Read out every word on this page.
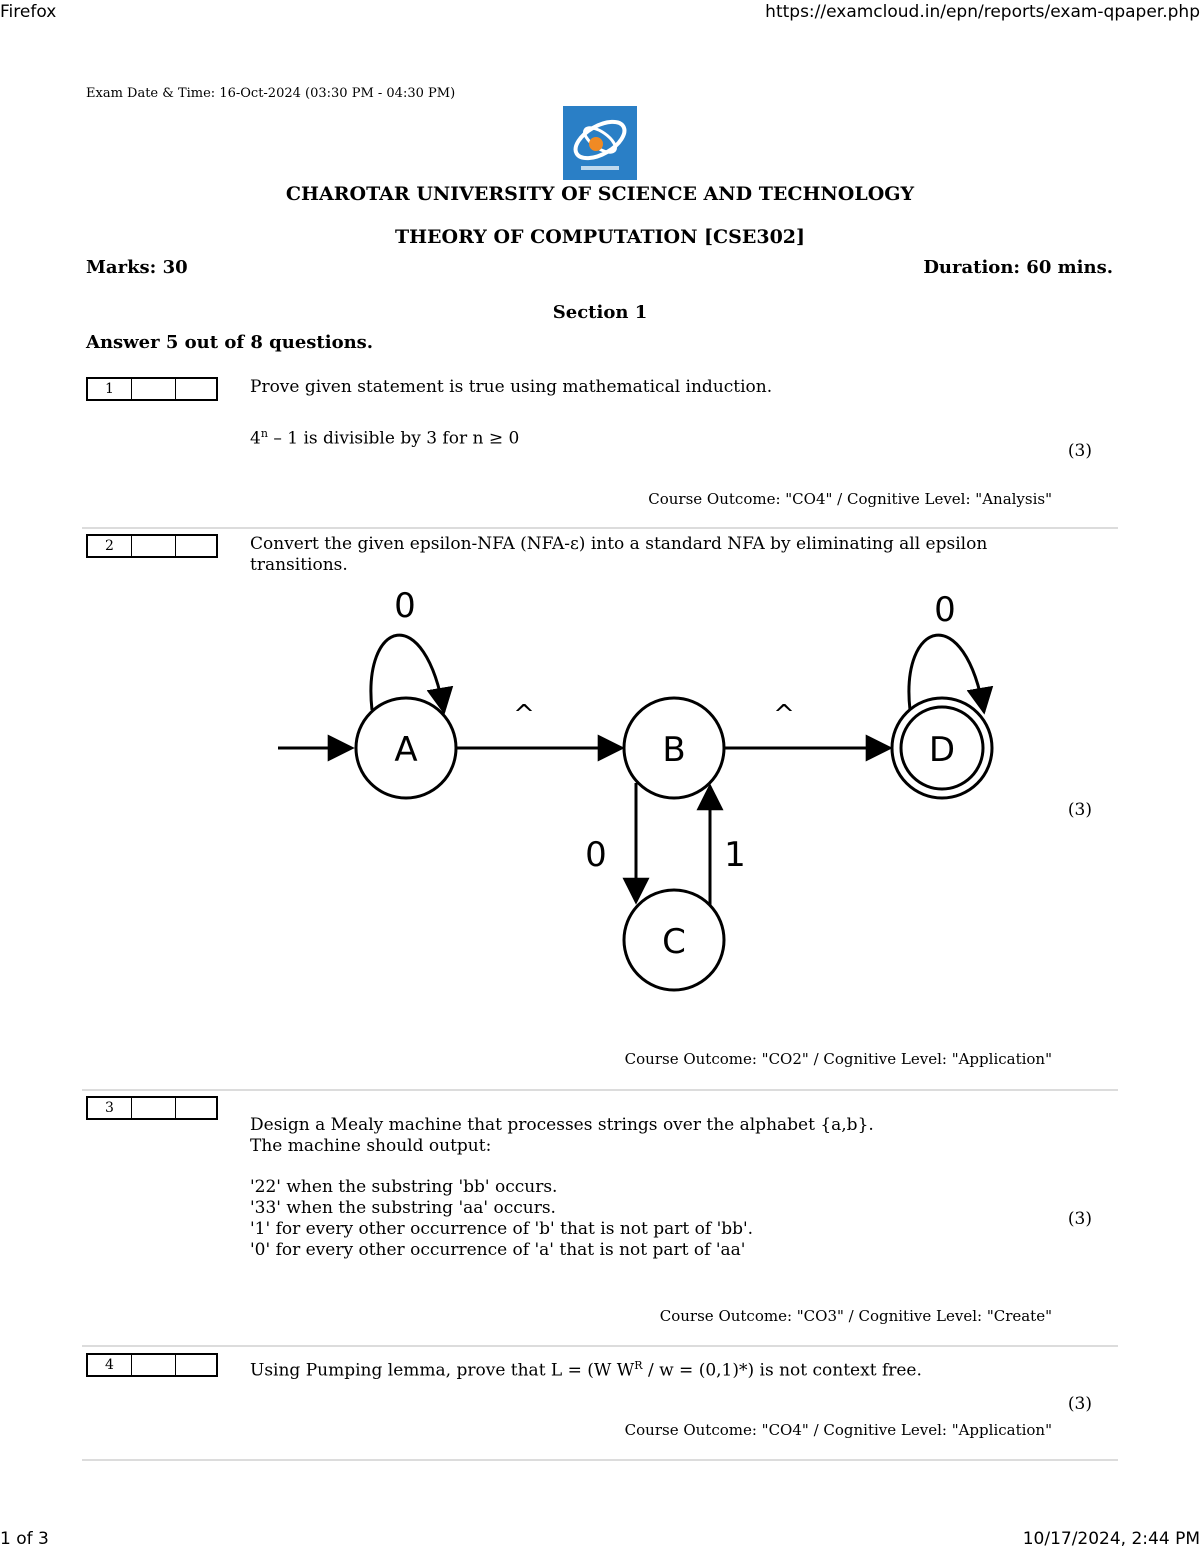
Firefox	https://examcloud.in/epn/reports/exam-qpaper.php
1 of 3	10/17/2024, 2:44 PM
Exam Date & Time: 16-Oct-2024 (03:30 PM - 04:30 PM)
CHAROTAR UNIVERSITY OF SCIENCE AND TECHNOLOGY
THEORY OF COMPUTATION [CSE302]
Marks: 30	Duration: 60 mins.
Section 1
Answer 5 out of 8 questions.
1	Prove given statement is true using mathematical induction.
4$^n$ – 1 is divisible by 3 for n ≥ 0
(3)
Course Outcome: "CO4" / Cognitive Level: "Analysis"
2	Convert the given epsilon-NFA (NFA-ε) into a standard NFA by eliminating all epsilon transitions.
A	B
C
D
0	0
^	^
0	1
(3)
Course Outcome: "CO2" / Cognitive Level: "Application"
3
Design a Mealy machine that processes strings over the alphabet {a,b}.
The machine should output:
'22' when the substring 'bb' occurs.
'33' when the substring 'aa' occurs.
'1' for every other occurrence of 'b' that is not part of 'bb'.
'0' for every other occurrence of 'a' that is not part of 'aa'
(3)
Course Outcome: "CO3" / Cognitive Level: "Create"
4	Using Pumping lemma, prove that L = (W $W^R / w = (0,1)*$) is not context free.
(3)
Course Outcome: "CO4" / Cognitive Level: "Application"
